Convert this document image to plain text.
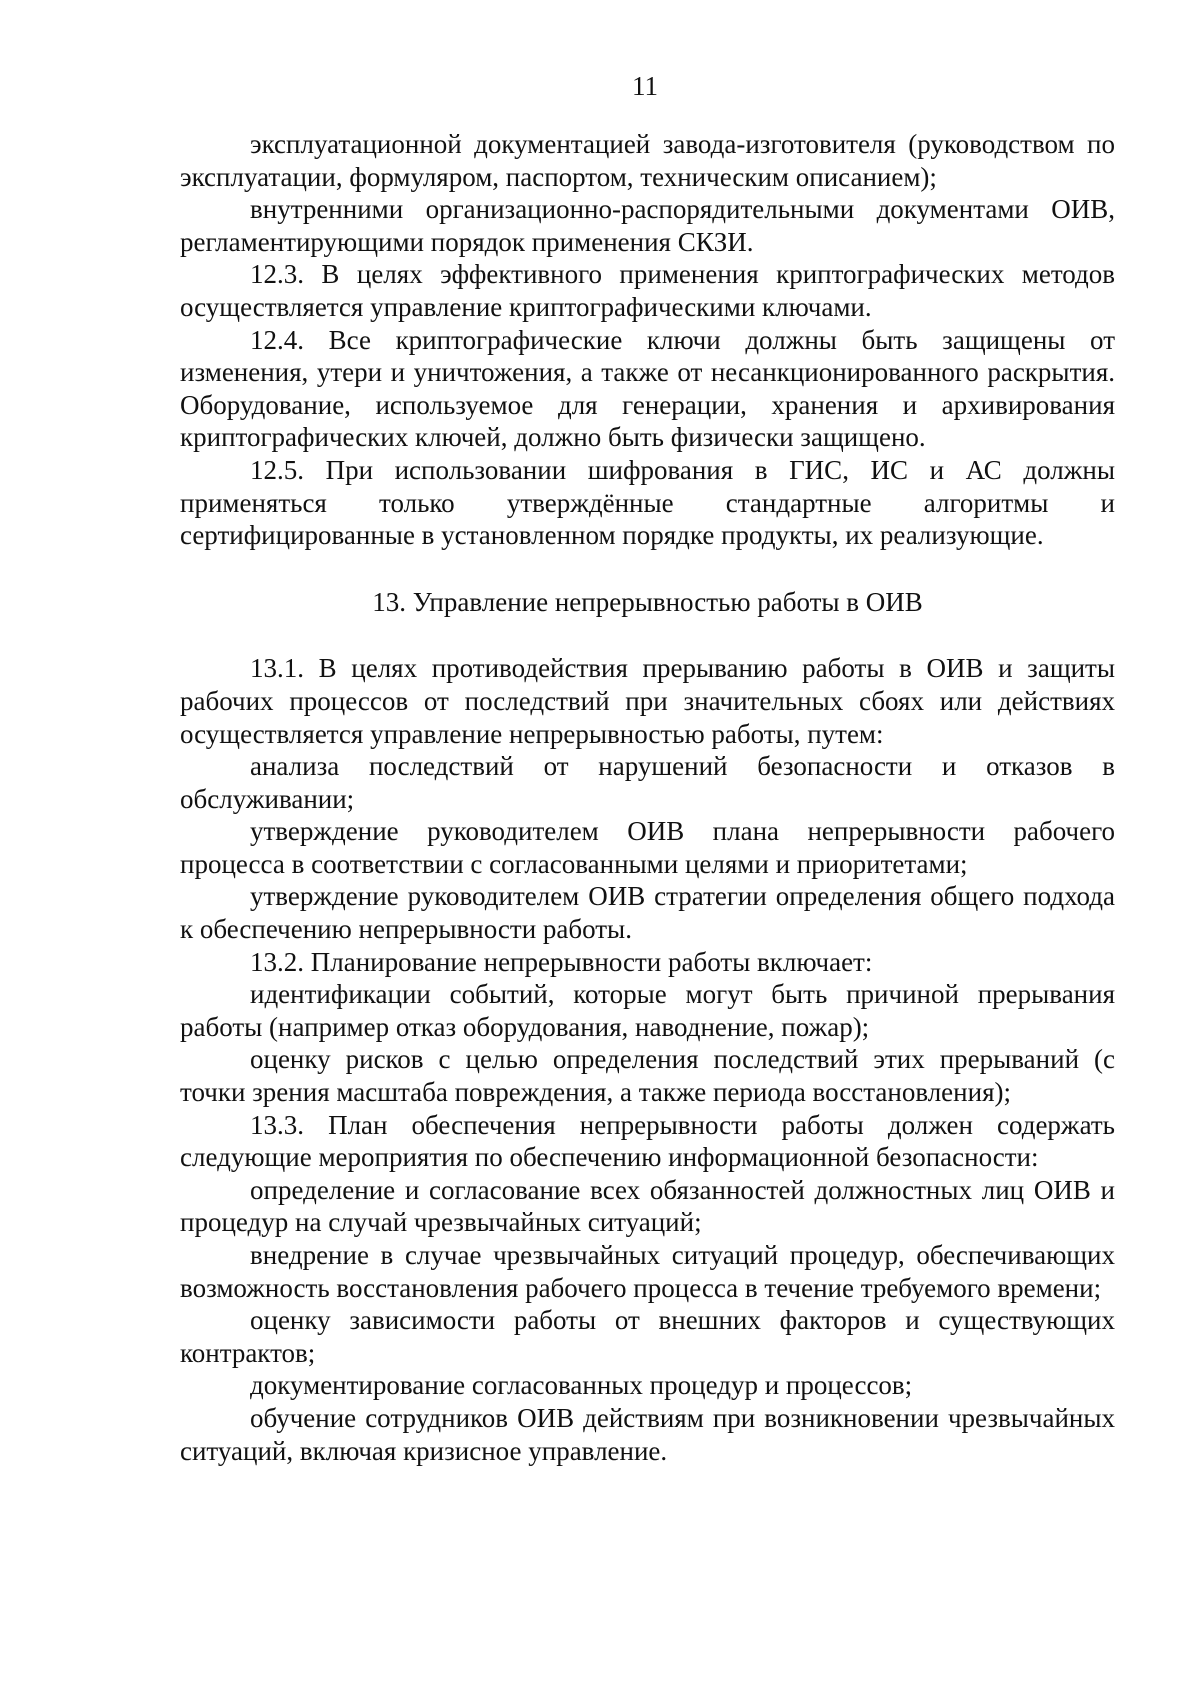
11

эксплуатационной документацией завода-изготовителя (руководством по эксплуатации, формуляром, паспортом, техническим описанием);

внутренними организационно-распорядительными документами ОИВ, регламентирующими порядок применения СКЗИ.

12.3. В целях эффективного применения криптографических методов осуществляется управление криптографическими ключами.

12.4. Все криптографические ключи должны быть защищены от изменения, утери и уничтожения, а также от несанкционированного раскрытия. Оборудование, используемое для генерации, хранения и архивирования криптографических ключей, должно быть физически защищено.

12.5. При использовании шифрования в ГИС, ИС и АС должны применяться только утверждённые стандартные алгоритмы и сертифицированные в установленном порядке продукты, их реализующие.

13. Управление непрерывностью работы в ОИВ

13.1. В целях противодействия прерыванию работы в ОИВ и защиты рабочих процессов от последствий при значительных сбоях или действиях осуществляется управление непрерывностью работы, путем:

анализа последствий от нарушений безопасности и отказов в обслуживании;

утверждение руководителем ОИВ плана непрерывности рабочего процесса в соответствии с согласованными целями и приоритетами;

утверждение руководителем ОИВ стратегии определения общего подхода к обеспечению непрерывности работы.

13.2. Планирование непрерывности работы включает:

идентификации событий, которые могут быть причиной прерывания работы (например отказ оборудования, наводнение, пожар);

оценку рисков с целью определения последствий этих прерываний (с точки зрения масштаба повреждения, а также периода восстановления);

13.3. План обеспечения непрерывности работы должен содержать следующие мероприятия по обеспечению информационной безопасности:

определение и согласование всех обязанностей должностных лиц ОИВ и процедур на случай чрезвычайных ситуаций;

внедрение в случае чрезвычайных ситуаций процедур, обеспечивающих возможность восстановления рабочего процесса в течение требуемого времени;

оценку зависимости работы от внешних факторов и существующих контрактов;

документирование согласованных процедур и процессов;

обучение сотрудников ОИВ действиям при возникновении чрезвычайных ситуаций, включая кризисное управление.
